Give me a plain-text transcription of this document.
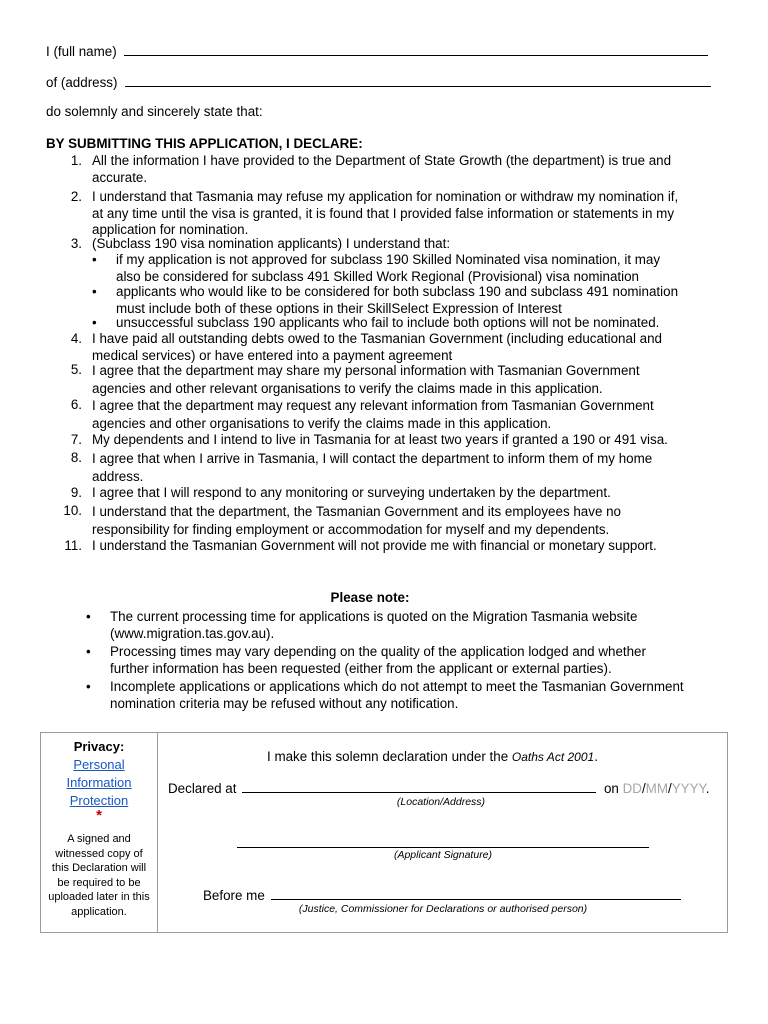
I (full name)
of (address)
do solemnly and sincerely state that:
BY SUBMITTING THIS APPLICATION, I DECLARE:
1. All the information I have provided to the Department of State Growth (the department) is true and
accurate.
2. I understand that Tasmania may refuse my application for nomination or withdraw my nomination if,
at any time until the visa is granted, it is found that I provided false information or statements in my
application for nomination.
3. (Subclass 190 visa nomination applicants) I understand that:
•	if my application is not approved for subclass 190 Skilled Nominated visa nomination, it may
also be considered for subclass 491 Skilled Work Regional (Provisional) visa nomination
•	applicants who would like to be considered for both subclass 190 and subclass 491 nomination
must include both of these options in their SkillSelect Expression of Interest
•	unsuccessful subclass 190 applicants who fail to include both options will not be nominated.
4. I have paid all outstanding debts owed to the Tasmanian Government (including educational and
medical services) or have entered into a payment agreement
5. I agree that the department may share my personal information with Tasmanian Government
agencies and other relevant organisations to verify the claims made in this application.
6. I agree that the department may request any relevant information from Tasmanian Government
agencies and other organisations to verify the claims made in this application.
7. My dependents and I intend to live in Tasmania for at least two years if granted a 190 or 491 visa.
8. I agree that when I arrive in Tasmania, I will contact the department to inform them of my home
address.
9. I agree that I will respond to any monitoring or surveying undertaken by the department.
10. I understand that the department, the Tasmanian Government and its employees have no
responsibility for finding employment or accommodation for myself and my dependents.
11. I understand the Tasmanian Government will not provide me with financial or monetary support.
Please note:
•	The current processing time for applications is quoted on the Migration Tasmania website
(www.migration.tas.gov.au).
•	Processing times may vary depending on the quality of the application lodged and whether
further information has been requested (either from the applicant or external parties).
•	Incomplete applications or applications which do not attempt to meet the Tasmanian Government
nomination criteria may be refused without any notification.
Privacy:
Personal
Information
Protection
*
A signed and witnessed copy of this Declaration will be required to be uploaded later in this application.
I make this solemn declaration under the Oaths Act 2001.
Declared at	on DD/MM/YYYY.
(Location/Address)
(Applicant Signature)
Before me
(Justice, Commissioner for Declarations or authorised person)
